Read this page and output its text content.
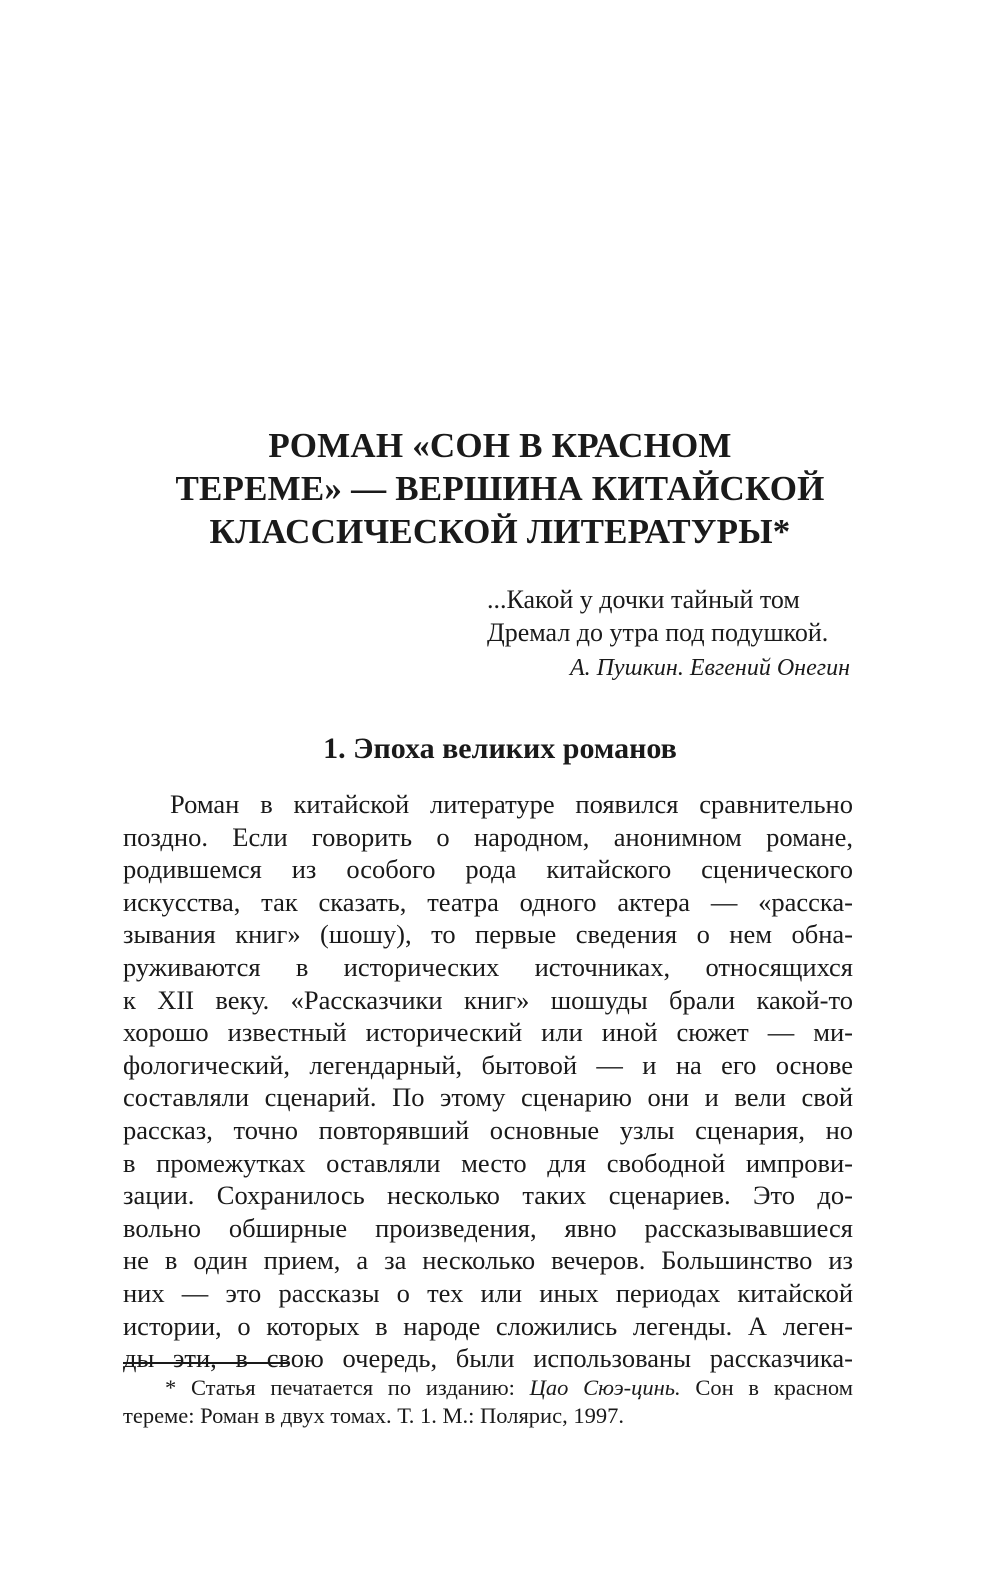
РОМАН «СОН В КРАСНОМ
ТЕРЕМЕ» — ВЕРШИНА КИТАЙСКОЙ
КЛАССИЧЕСКОЙ ЛИТЕРАТУРЫ*
...Какой у дочки тайный том
Дремал до утра под подушкой.
А. Пушкин. Евгений Онегин
1. Эпоха великих романов
Роман в китайской литературе появился сравнительно
поздно. Если говорить о народном, анонимном романе,
родившемся из особого рода китайского сценического
искусства, так сказать, театра одного актера — «расска-
зывания книг» (шошу), то первые сведения о нем обна-
руживаются в исторических источниках, относящихся
к XII веку. «Рассказчики книг» шошуды брали какой-то
хорошо известный исторический или иной сюжет — ми-
фологический, легендарный, бытовой — и на его основе
составляли сценарий. По этому сценарию они и вели свой
рассказ, точно повторявший основные узлы сценария, но
в промежутках оставляли место для свободной импрови-
зации. Сохранилось несколько таких сценариев. Это до-
вольно обширные произведения, явно рассказывавшиеся
не в один прием, а за несколько вечеров. Большинство из
них — это рассказы о тех или иных периодах китайской
истории, о которых в народе сложились легенды. А леген-
ды эти, в свою очередь, были использованы рассказчика-
* Статья печатается по изданию: Цао Сюэ-цинь. Сон в красном
тереме: Роман в двух томах. Т. 1. М.: Полярис, 1997.
